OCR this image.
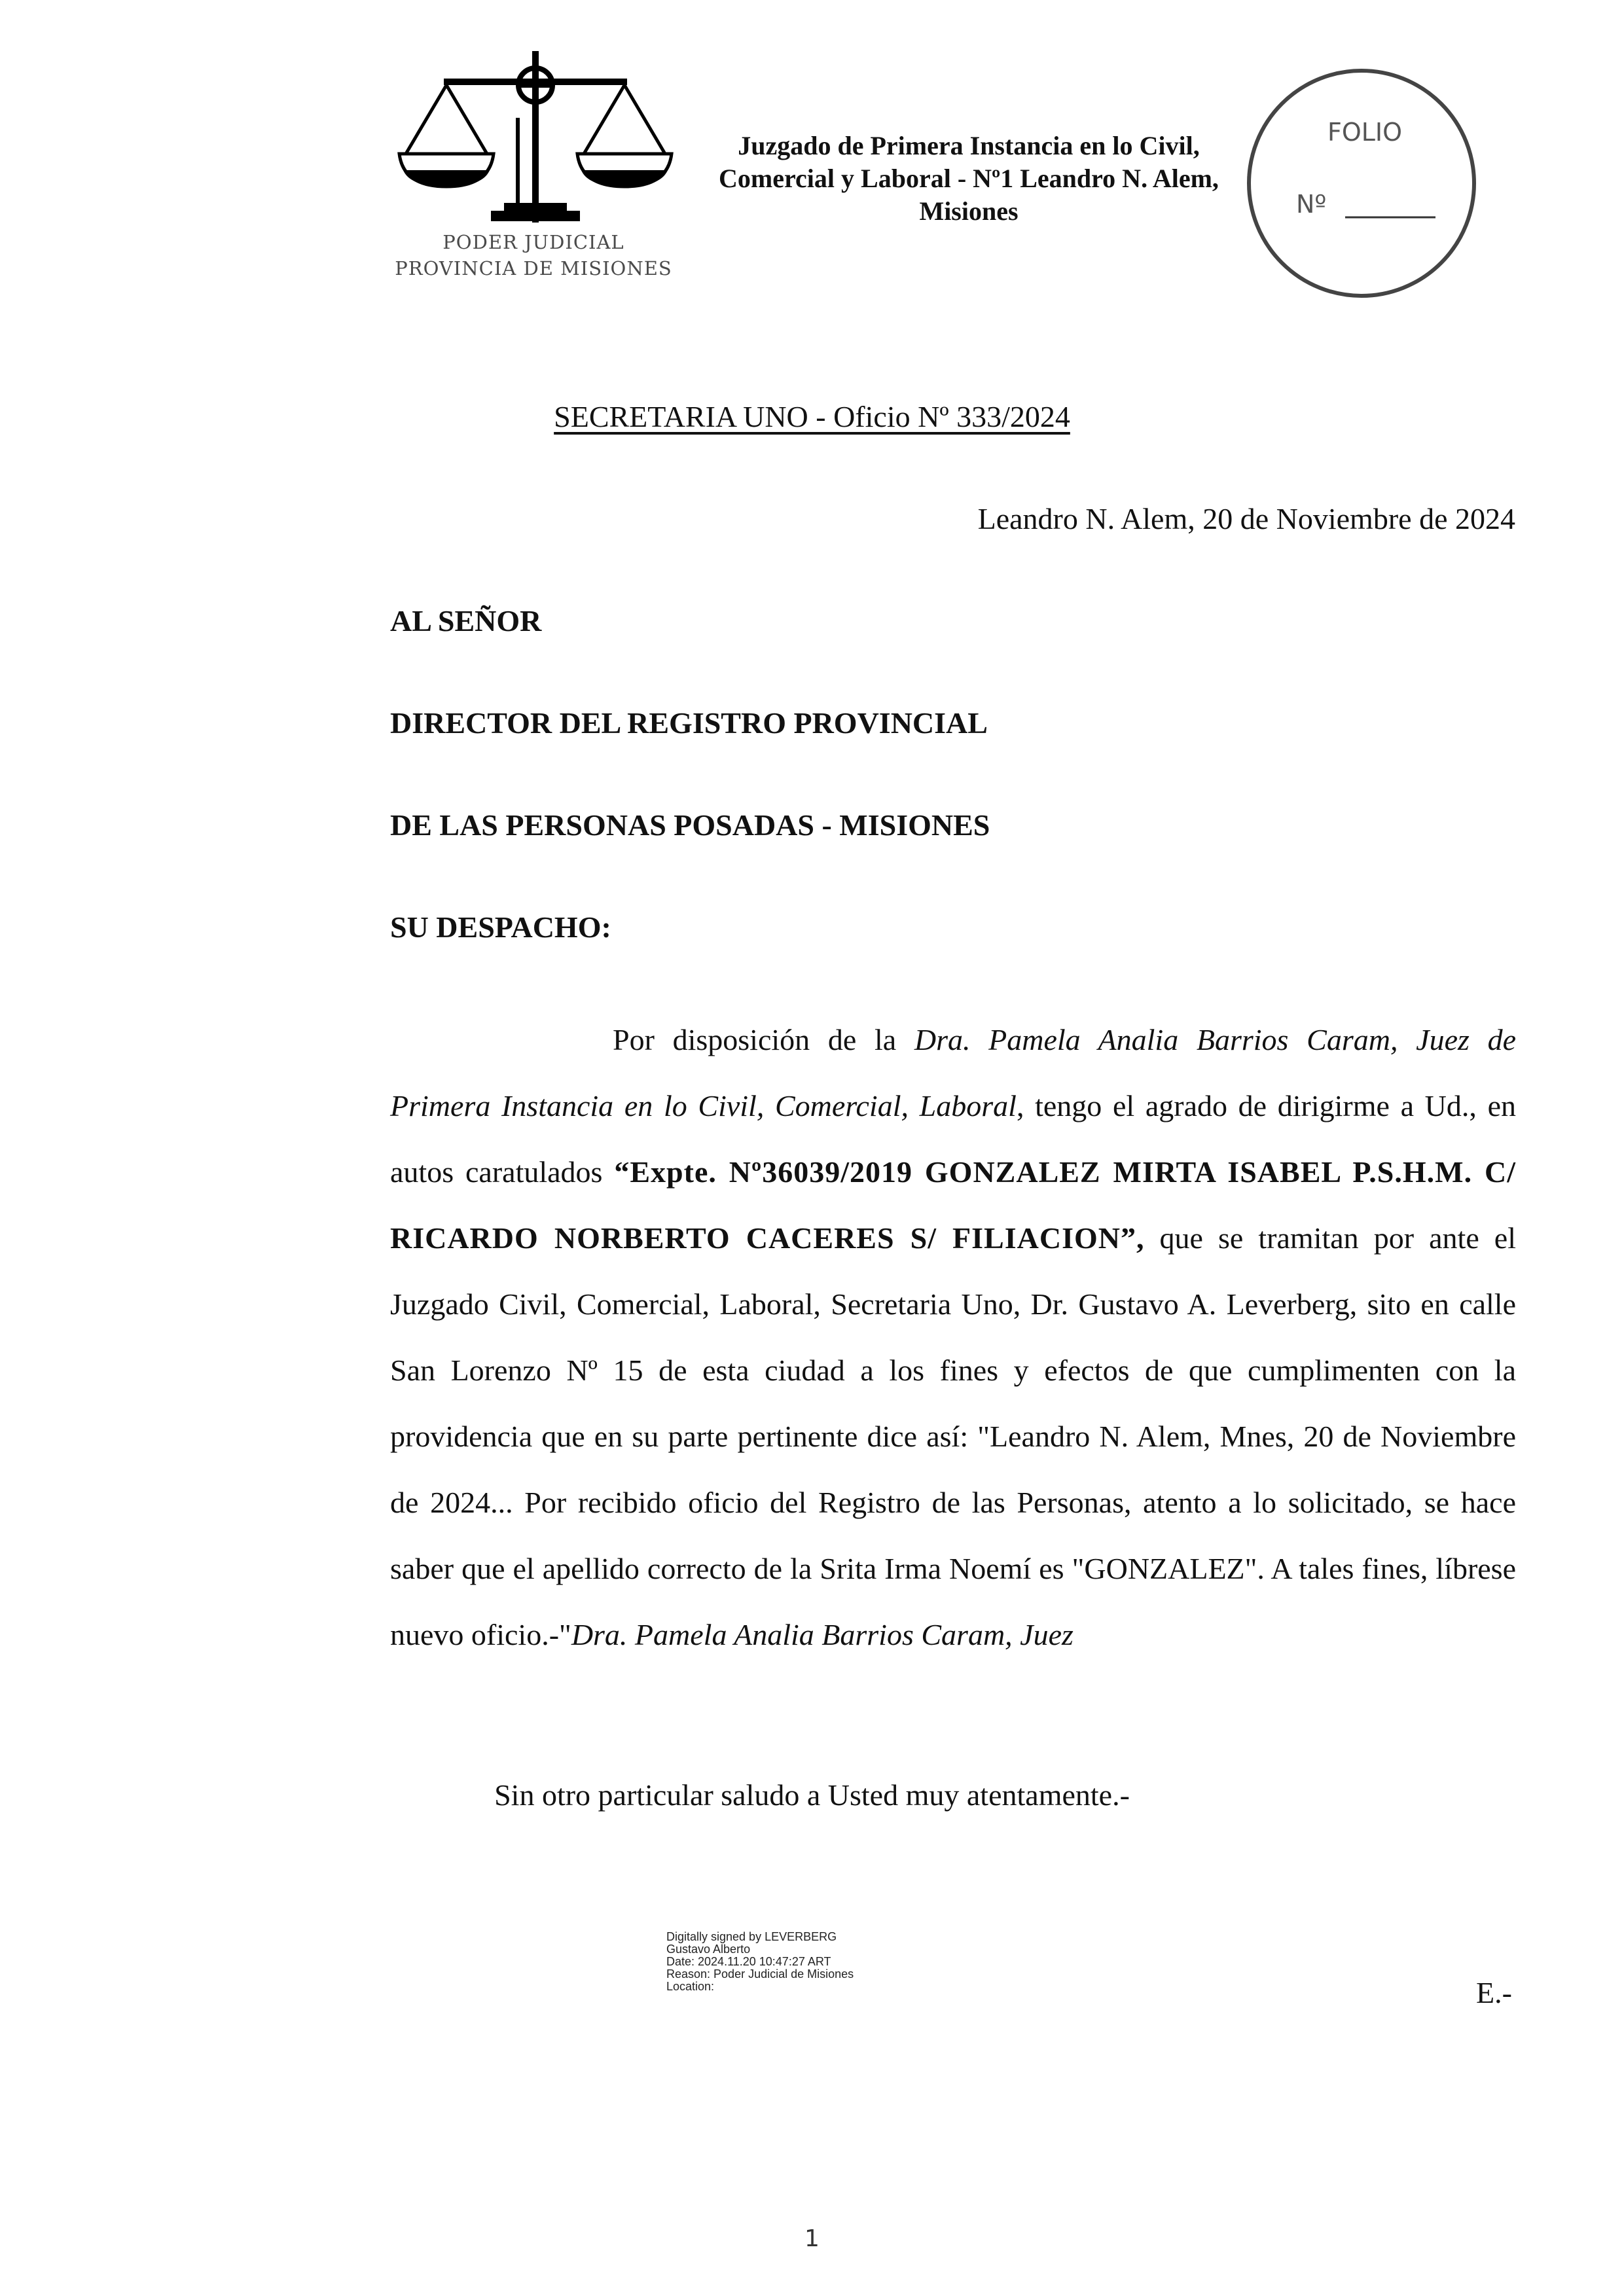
PODER JUDICIAL
PROVINCIA DE MISIONES
Juzgado de Primera Instancia en lo Civil,
Comercial y Laboral - Nº1 Leandro N. Alem,
Misiones
FOLIO
Nº
SECRETARIA UNO - Oficio Nº 333/2024
Leandro N. Alem, 20 de Noviembre de 2024
AL SEÑOR
DIRECTOR DEL REGISTRO PROVINCIAL
DE LAS PERSONAS POSADAS - MISIONES
SU DESPACHO:
Por disposición de la Dra. Pamela Analia Barrios Caram, Juez de Primera Instancia en lo Civil, Comercial, Laboral, tengo el agrado de dirigirme a Ud., en autos caratulados “Expte. Nº36039/2019 GONZALEZ MIRTA ISABEL P.S.H.M. C/ RICARDO NORBERTO CACERES S/ FILIACION”, que se tramitan por ante el Juzgado Civil, Comercial, Laboral, Secretaria Uno, Dr. Gustavo A. Leverberg, sito en calle San Lorenzo Nº 15 de esta ciudad a los fines y efectos de que cumplimenten con la providencia que en su parte pertinente dice así: "Leandro N. Alem, Mnes, 20 de Noviembre de 2024... Por recibido oficio del Registro de las Personas, atento a lo solicitado, se hace saber que el apellido correcto de la Srita Irma Noemí es "GONZALEZ". A tales fines, líbrese nuevo oficio.-"Dra. Pamela Analia Barrios Caram, Juez
Sin otro particular saludo a Usted muy atentamente.-
Digitally signed by LEVERBERG
Gustavo Alberto
Date: 2024.11.20 10:47:27 ART
Reason: Poder Judicial de Misiones
Location:	E.-
1
